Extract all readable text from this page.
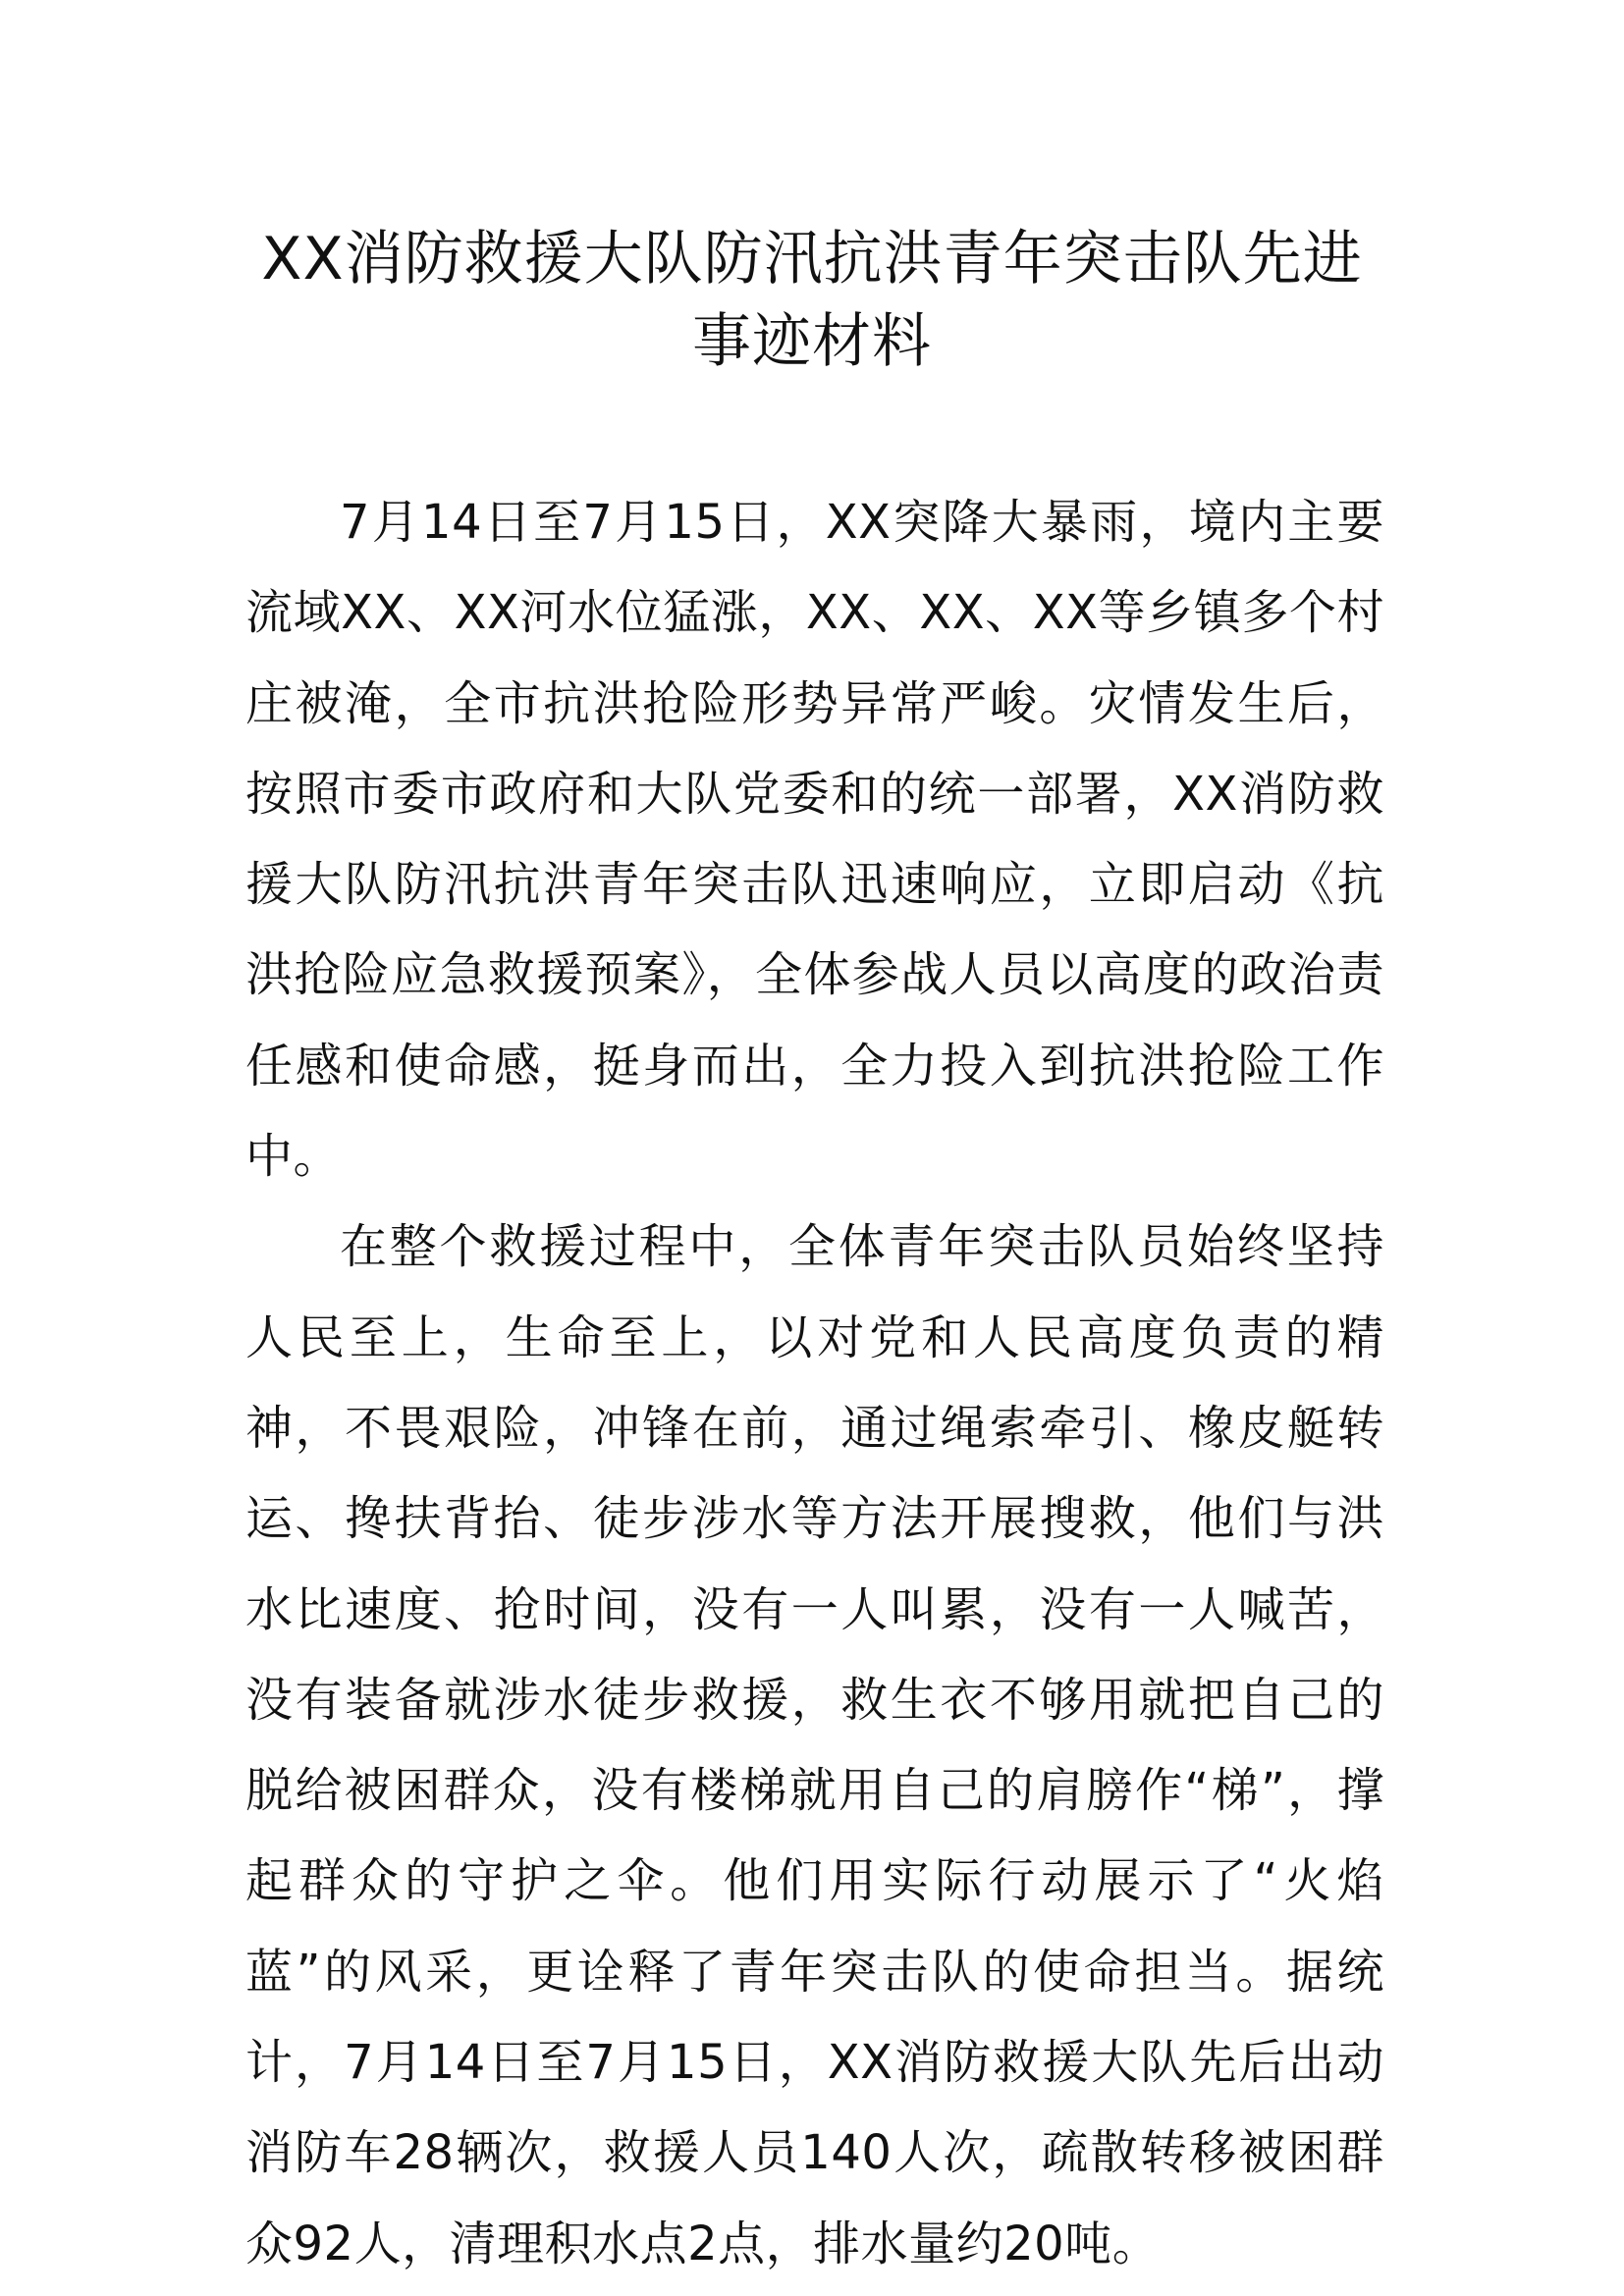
XX消防救援大队防汛抗洪青年突击队先进
事迹材料

7月14日至7月15日，XX突降大暴雨，境内主要流域XX、XX河水位猛涨，XX、XX、XX等乡镇多个村庄被淹，全市抗洪抢险形势异常严峻。灾情发生后，按照市委市政府和大队党委和的统一部署，XX消防救援大队防汛抗洪青年突击队迅速响应，立即启动《抗洪抢险应急救援预案》，全体参战人员以高度的政治责任感和使命感，挺身而出，全力投入到抗洪抢险工作中。

在整个救援过程中，全体青年突击队员始终坚持人民至上，生命至上，以对党和人民高度负责的精神，不畏艰险，冲锋在前，通过绳索牵引、橡皮艇转运、搀扶背抬、徒步涉水等方法开展搜救，他们与洪水比速度、抢时间，没有一人叫累，没有一人喊苦，没有装备就涉水徒步救援，救生衣不够用就把自己的脱给被困群众，没有楼梯就用自己的肩膀作“梯”，撑起群众的守护之伞。他们用实际行动展示了“火焰蓝”的风采，更诠释了青年突击队的使命担当。据统计，7月14日至7月15日，XX消防救援大队先后出动消防车28辆次，救援人员140人次，疏散转移被困群众92人，清理积水点2点，排水量约20吨。
